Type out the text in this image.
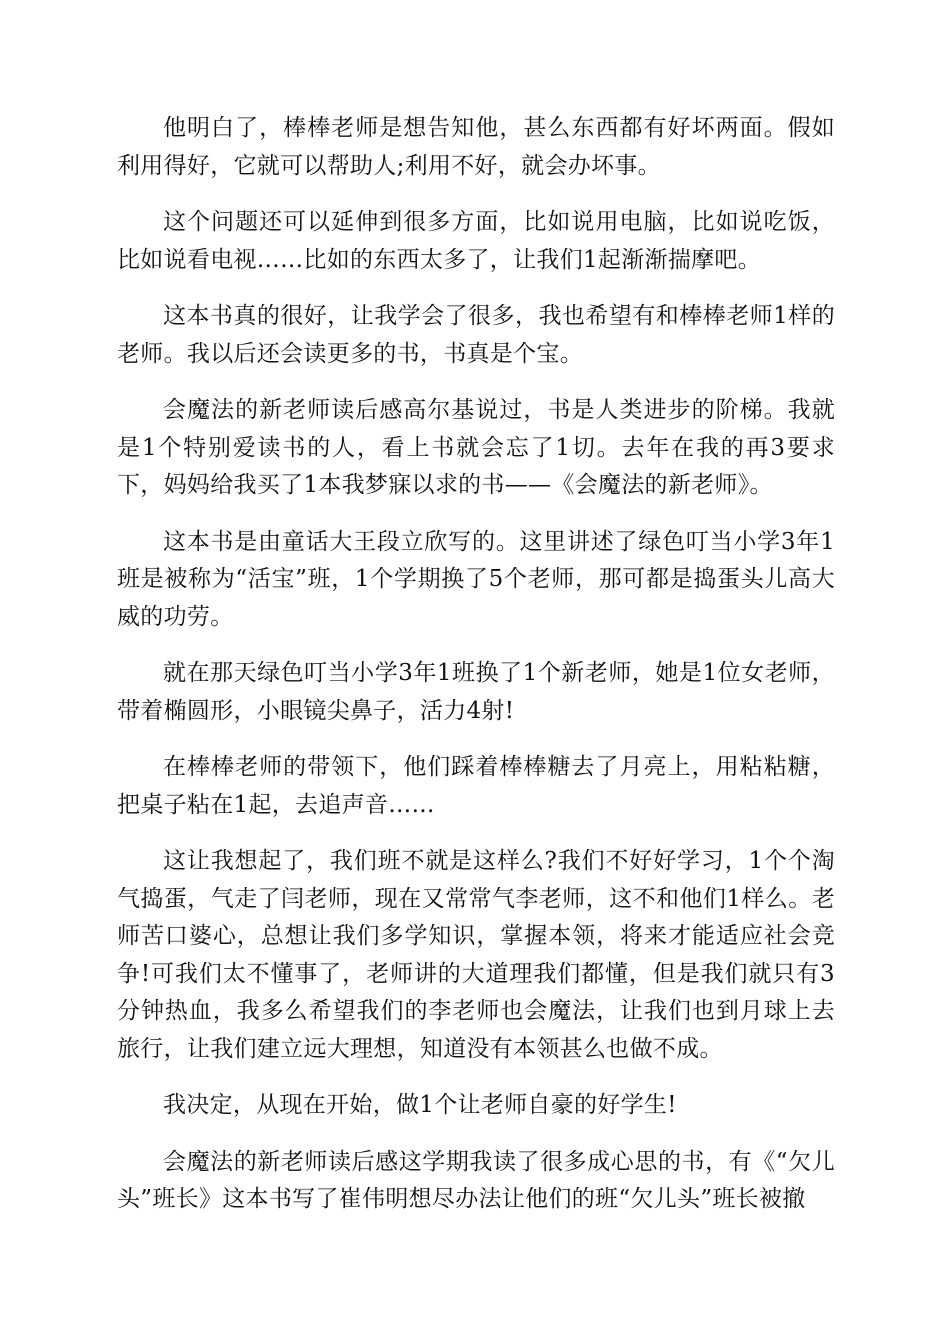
他明白了，棒棒老师是想告知他，甚么东西都有好坏两面。假如利用得好，它就可以帮助人;利用不好，就会办坏事。

这个问题还可以延伸到很多方面，比如说用电脑，比如说吃饭，比如说看电视……比如的东西太多了，让我们1起渐渐揣摩吧。

这本书真的很好，让我学会了很多，我也希望有和棒棒老师1样的老师。我以后还会读更多的书，书真是个宝。

会魔法的新老师读后感高尔基说过，书是人类进步的阶梯。我就是1个特别爱读书的人，看上书就会忘了1切。去年在我的再3要求下，妈妈给我买了1本我梦寐以求的书——《会魔法的新老师》。

这本书是由童话大王段立欣写的。这里讲述了绿色叮当小学3年1班是被称为“活宝”班，1个学期换了5个老师，那可都是捣蛋头儿高大威的功劳。

就在那天绿色叮当小学3年1班换了1个新老师，她是1位女老师，带着椭圆形，小眼镜尖鼻子，活力4射!

在棒棒老师的带领下，他们踩着棒棒糖去了月亮上，用粘粘糖，把桌子粘在1起，去追声音……

这让我想起了，我们班不就是这样么?我们不好好学习，1个个淘气捣蛋，气走了闫老师，现在又常常气李老师，这不和他们1样么。老师苦口婆心，总想让我们多学知识，掌握本领，将来才能适应社会竞争!可我们太不懂事了，老师讲的大道理我们都懂，但是我们就只有3分钟热血，我多么希望我们的李老师也会魔法，让我们也到月球上去旅行，让我们建立远大理想，知道没有本领甚么也做不成。

我决定，从现在开始，做1个让老师自豪的好学生!

会魔法的新老师读后感这学期我读了很多成心思的书，有《“欠儿头”班长》这本书写了崔伟明想尽办法让他们的班“欠儿头”班长被撤
